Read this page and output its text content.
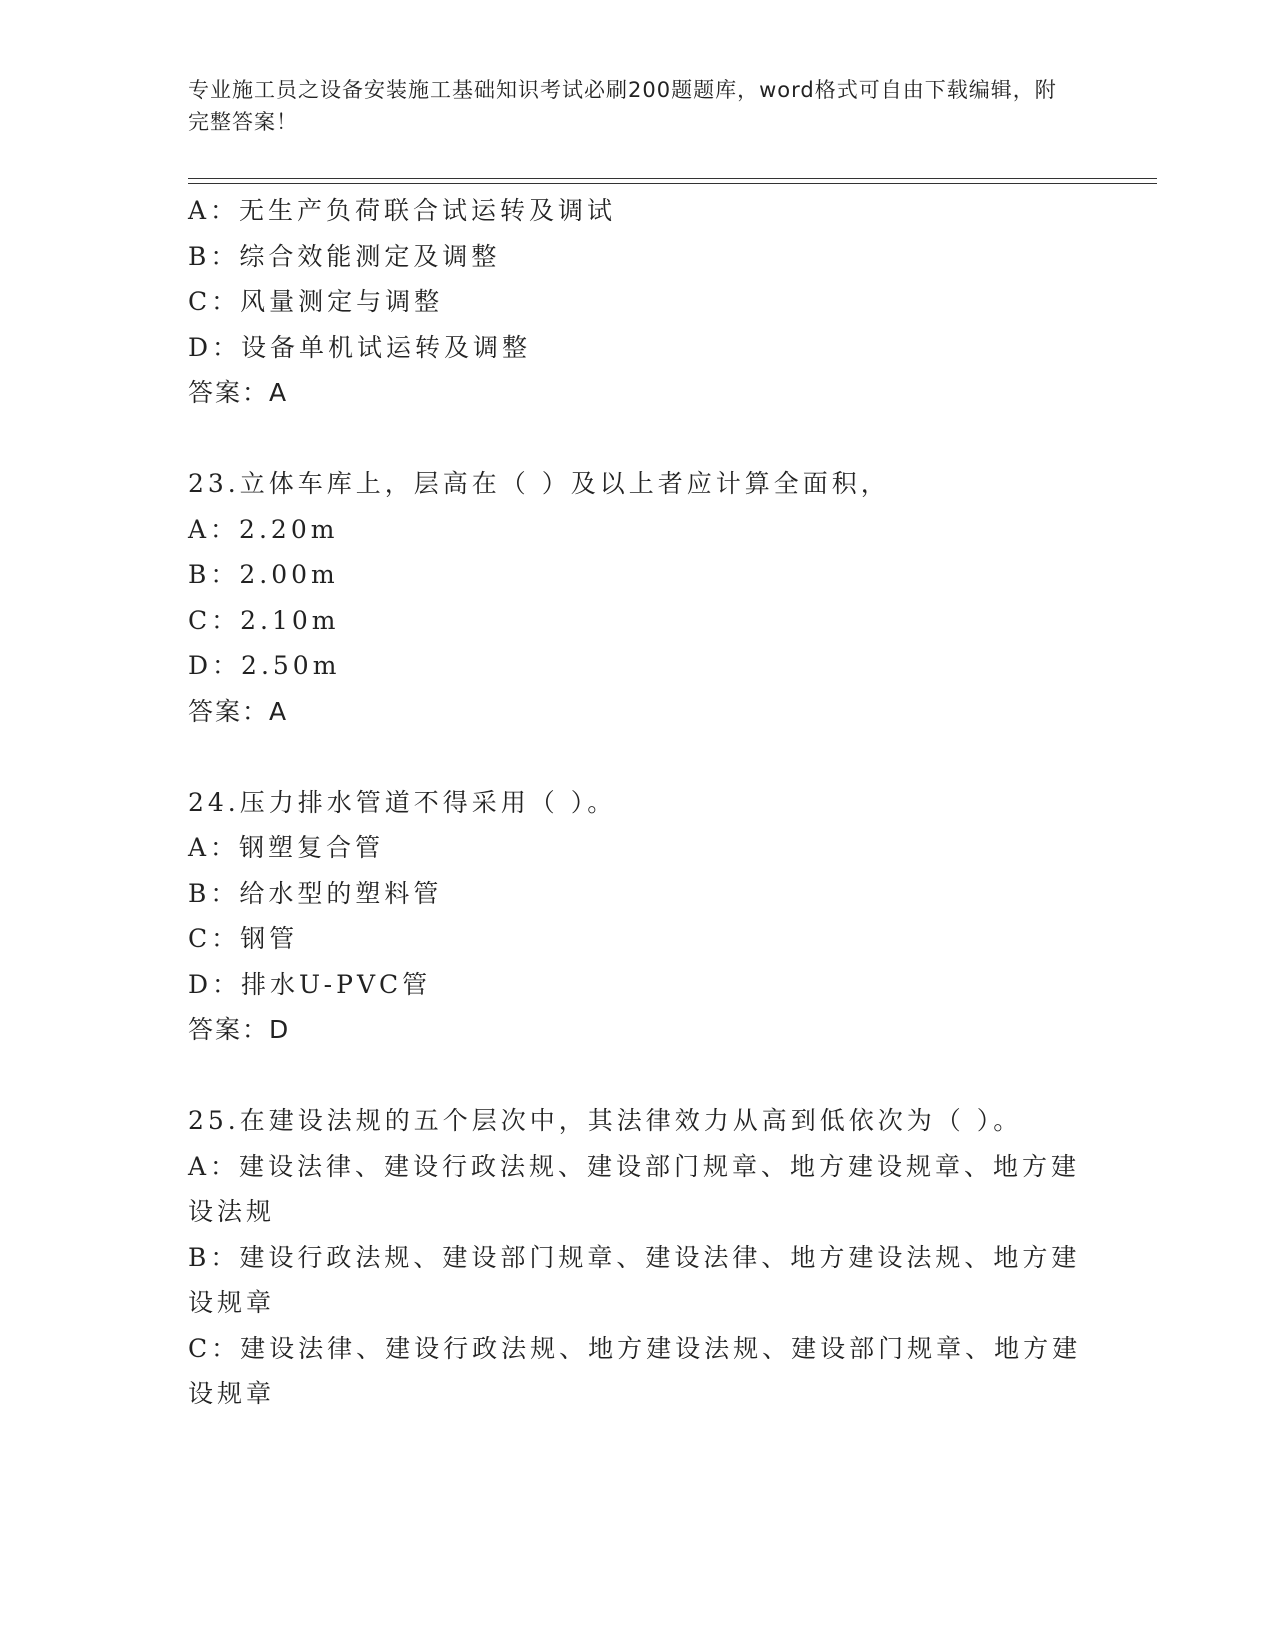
专业施工员之设备安装施工基础知识考试必刷200题题库，word格式可自由下载编辑，附完整答案！
A：无生产负荷联合试运转及调试
B：综合效能测定及调整
C：风量测定与调整
D：设备单机试运转及调整
答案：A
23.立体车库上，层高在（ ）及以上者应计算全面积，
A：2.20m
B：2.00m
C：2.10m
D：2.50m
答案：A
24.压力排水管道不得采用（ ）。
A：钢塑复合管
B：给水型的塑料管
C：钢管
D：排水U-PVC管
答案：D
25.在建设法规的五个层次中，其法律效力从高到低依次为（ ）。
A：建设法律、建设行政法规、建设部门规章、地方建设规章、地方建设法规
B：建设行政法规、建设部门规章、建设法律、地方建设法规、地方建设规章
C：建设法律、建设行政法规、地方建设法规、建设部门规章、地方建设规章
